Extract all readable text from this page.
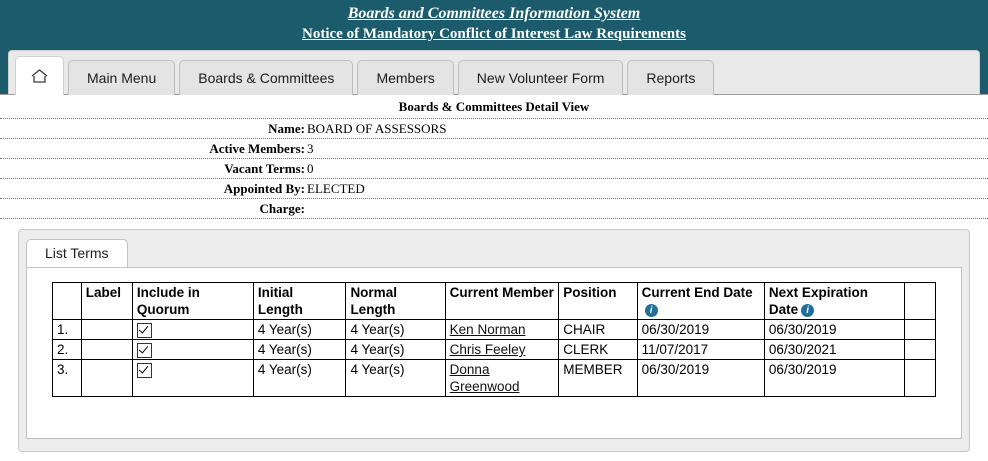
Boards and Committees Information System
Notice of Mandatory Conflict of Interest Law Requirements
Main Menu	Boards & Committees	Members	New Volunteer Form	Reports
Boards & Committees Detail View
Name: BOARD OF ASSESSORS
Active Members: 3
Vacant Terms: 0
Appointed By: ELECTED
Charge:
List Terms
	Label	Include in Quorum	Initial Length	Normal Length	Current Member	Position	Current End Datei	Next Expiration Date i	
1.			4 Year(s)	4 Year(s)	Ken Norman	CHAIR	06/30/2019	06/30/2019	
2.			4 Year(s)	4 Year(s)	Chris Feeley	CLERK	11/07/2017	06/30/2021	
3.			4 Year(s)	4 Year(s)	Donna Greenwood	MEMBER	06/30/2019	06/30/2019	
